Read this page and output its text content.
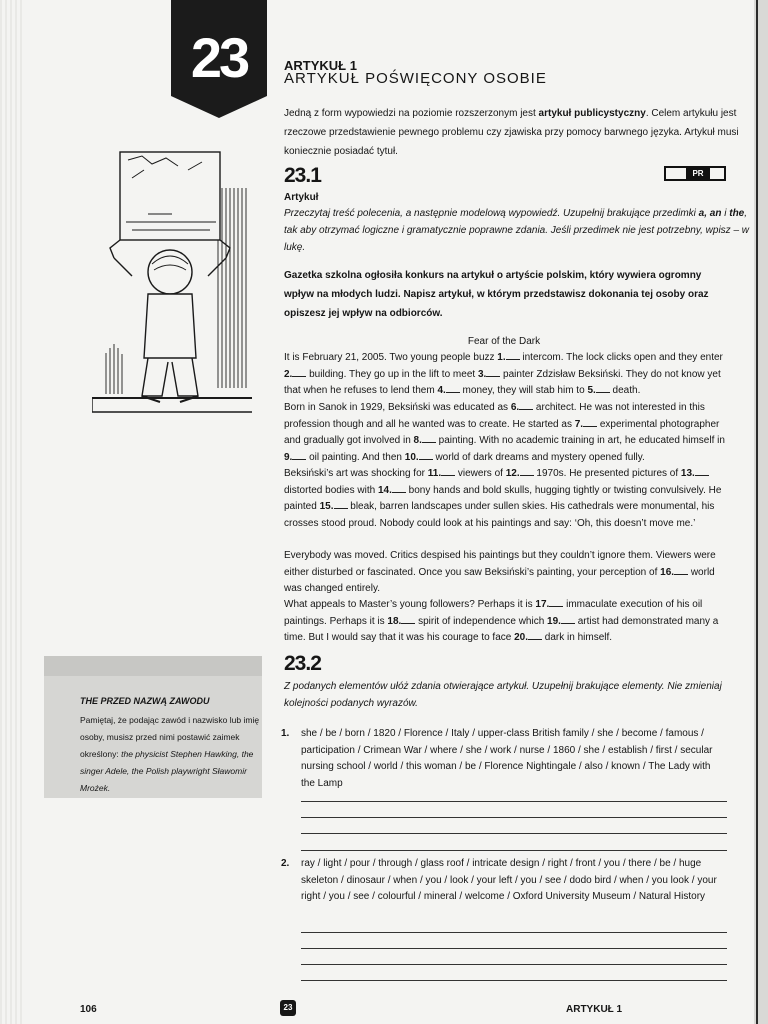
23	ARTYKUŁ 1
ARTYKUŁ POŚWIĘCONY OSOBIE
Jedną z form wypowiedzi na poziomie rozszerzonym jest artykuł publicystyczny. Celem artykułu jest rzeczowe przedstawienie pewnego problemu czy zjawiska przy pomocy barwnego języka. Artykuł musi koniecznie posiadać tytuł.
23.1	PR
Artykuł
Przeczytaj treść polecenia, a następnie modelową wypowiedź. Uzupełnij brakujące przedimki a, an i the, tak aby otrzymać logiczne i gramatycznie poprawne zdania. Jeśli przedimek nie jest potrzebny, wpisz – w lukę.
Gazetka szkolna ogłosiła konkurs na artykuł o artyście polskim, który wywiera ogromny wpływ na młodych ludzi. Napisz artykuł, w którym przedstawisz dokonania tej osoby oraz opiszesz jej wpływ na odbiorców.
Fear of the Dark
It is February 21, 2005. Two young people buzz 1. intercom. The lock clicks open and they enter 2. building. They go up in the lift to meet 3. painter Zdzisław Beksiński. They do not know yet that when he refuses to lend them 4. money, they will stab him to 5. death.
Born in Sanok in 1929, Beksiński was educated as 6. architect. He was not interested in this profession though and all he wanted was to create. He started as 7. experimental photographer and gradually got involved in 8. painting. With no academic training in art, he educated himself in 9. oil painting. And then 10. world of dark dreams and mystery opened fully.
Beksiński’s art was shocking for 11. viewers of 12. 1970s. He presented pictures of 13. distorted bodies with 14. bony hands and bold skulls, hugging tightly or twisting convulsively. He painted 15. bleak, barren landscapes under sullen skies. His cathedrals were monumental, his crosses stood proud. Nobody could look at his paintings and say: ‘Oh, this doesn’t move me.’
Everybody was moved. Critics despised his paintings but they couldn’t ignore them. Viewers were either disturbed or fascinated. Once you saw Beksiński’s painting, your perception of 16. world was changed entirely.
What appeals to Master’s young followers? Perhaps it is 17. immaculate execution of his oil paintings. Perhaps it is 18. spirit of independence which 19. artist had demonstrated many a time. But I would say that it was his courage to face 20. dark in himself.
THE PRZED NAZWĄ ZAWODU
Pamiętaj, że podając zawód i nazwisko lub imię osoby, musisz przed nimi postawić zaimek określony: the physicist Stephen Hawking, the singer Adele, the Polish playwright Sławomir Mrożek.
23.2
Z podanych elementów ułóż zdania otwierające artykuł. Uzupełnij brakujące elementy. Nie zmieniaj kolejności podanych wyrazów.
1. she / be / born / 1820 / Florence / Italy / upper-class British family / she / become / famous / participation / Crimean War / where / she / work / nurse / 1860 / she / establish / first / secular nursing school / world / this woman / be / Florence Nightingale / also / known / The Lady with the Lamp
2. ray / light / pour / through / glass roof / intricate design / right / front / you / there / be / huge skeleton / dinosaur / when / you / look / your left / you / see / dodo bird / when / you look / your right / you / see / colourful / mineral / welcome / Oxford University Museum / Natural History
106	23	ARTYKUŁ 1
